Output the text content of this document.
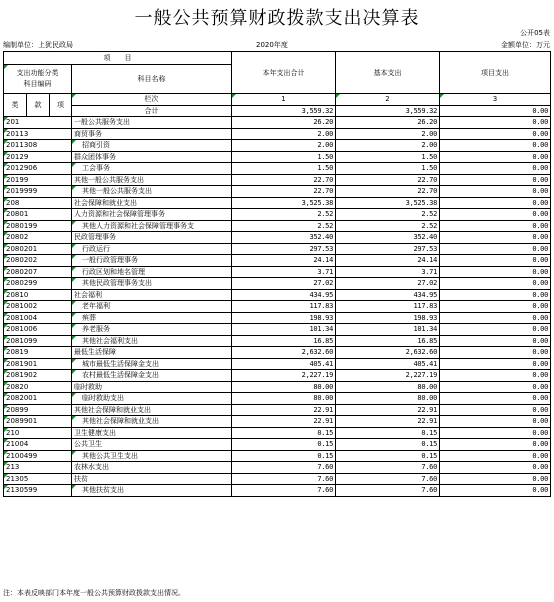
一般公共预算财政拨款支出决算表
公开05表
编制单位：上犹民政局	2020年度	金额单位：万元
项　　目				本年支出合计	基本支出	项目支出
支出功能分类
科目编码			科目名称			
类	款	项				
			栏次	1	2	3
			合计	3,559.32	3,559.32	0.00
201			一般公共服务支出	26.20	26.20	0.00
20113			商贸事务	2.00	2.00	0.00
2011308			招商引资	2.00	2.00	0.00
20129			群众团体事务	1.50	1.50	0.00
2012906			工会事务	1.50	1.50	0.00
20199			其他一般公共服务支出	22.70	22.70	0.00
2019999			其他一般公共服务支出	22.70	22.70	0.00
208			社会保障和就业支出	3,525.38	3,525.38	0.00
20801			人力资源和社会保障管理事务	2.52	2.52	0.00
2080199			其他人力资源和社会保障管理事务支	2.52	2.52	0.00
20802			民政管理事务	352.40	352.40	0.00
2080201			行政运行	297.53	297.53	0.00
2080202			一般行政管理事务	24.14	24.14	0.00
2080207			行政区划和地名管理	3.71	3.71	0.00
2080299			其他民政管理事务支出	27.02	27.02	0.00
20810			社会福利	434.95	434.95	0.00
2081002			老年福利	117.83	117.83	0.00
2081004			殡葬	198.93	198.93	0.00
2081006			养老服务	101.34	101.34	0.00
2081099			其他社会福利支出	16.85	16.85	0.00
20819			最低生活保障	2,632.60	2,632.60	0.00
2081901			城市最低生活保障金支出	405.41	405.41	0.00
2081902			农村最低生活保障金支出	2,227.19	2,227.19	0.00
20820			临时救助	80.00	80.00	0.00
2082001			临时救助支出	80.00	80.00	0.00
20899			其他社会保障和就业支出	22.91	22.91	0.00
2089901			其他社会保障和就业支出	22.91	22.91	0.00
210			卫生健康支出	0.15	0.15	0.00
21004			公共卫生	0.15	0.15	0.00
2100499			其他公共卫生支出	0.15	0.15	0.00
213			农林水支出	7.60	7.60	0.00
21305			扶贫	7.60	7.60	0.00
2130599			其他扶贫支出	7.60	7.60	0.00
注：本表反映部门本年度一般公共预算财政拨款支出情况。
